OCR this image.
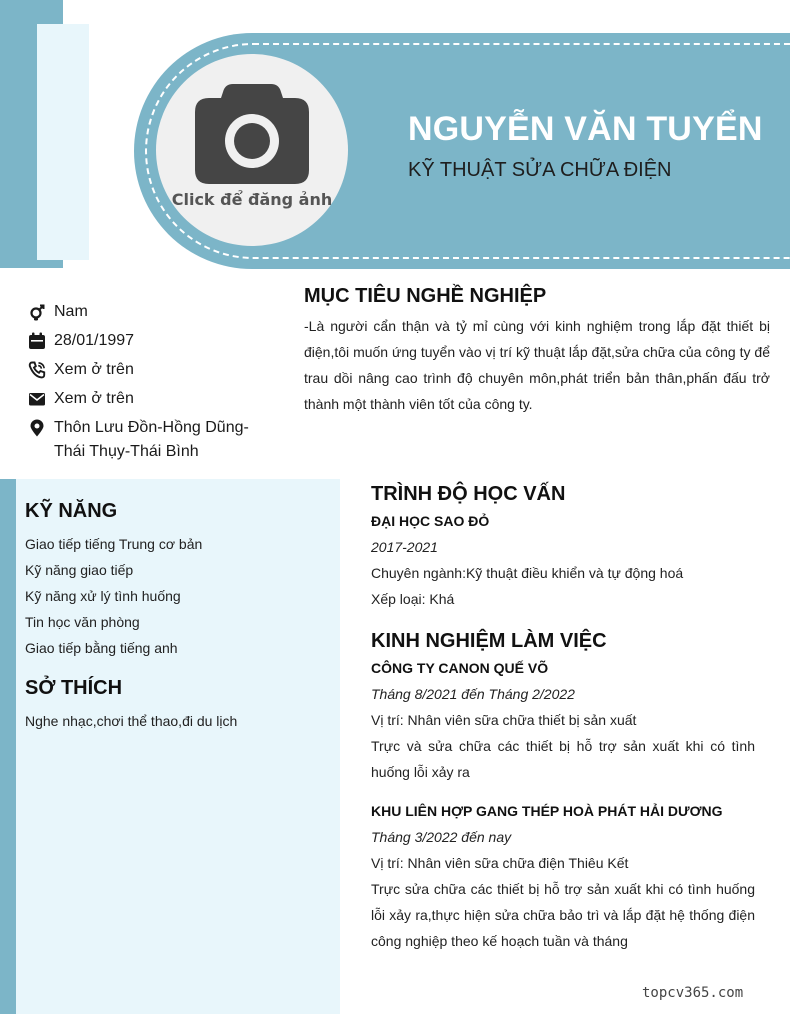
Click để đăng ảnh
NGUYỄN VĂN TUYỂN
KỸ THUẬT SỬA CHỮA ĐIỆN
Nam
28/01/1997
Xem ở trên
Xem ở trên
Thôn Lưu Đồn-Hồng Dũng-Thái Thụy-Thái Bình
MỤC TIÊU NGHỀ NGHIỆP
-Là người cẩn thận và tỷ mỉ cùng với kinh nghiệm trong lắp đặt thiết bị điện,tôi muốn ứng tuyển vào vị trí kỹ thuật lắp đặt,sửa chữa của công ty để trau dồi nâng cao trình độ chuyên môn,phát triển bản thân,phấn đấu trở thành một thành viên tốt của công ty.
KỸ NĂNG
Giao tiếp tiếng Trung cơ bản
Kỹ năng giao tiếp
Kỹ năng xử lý tình huống
Tin học văn phòng
Giao tiếp bằng tiếng anh
SỞ THÍCH
Nghe nhạc,chơi thể thao,đi du lịch
TRÌNH ĐỘ HỌC VẤN
ĐẠI HỌC SAO ĐỎ
2017-2021
Chuyên ngành:Kỹ thuật điều khiển và tự động hoá
Xếp loại: Khá
KINH NGHIỆM LÀM VIỆC
CÔNG TY CANON QUẾ VÕ
Tháng 8/2021 đến Tháng 2/2022
Vị trí: Nhân viên sữa chữa thiết bị sản xuất
Trực và sửa chữa các thiết bị hỗ trợ sản xuất khi có tình huống lỗi xảy ra
KHU LIÊN HỢP GANG THÉP HOÀ PHÁT HẢI DƯƠNG
Tháng 3/2022 đến nay
Vị trí: Nhân viên sữa chữa điện Thiêu Kết
Trực sửa chữa các thiết bị hỗ trợ sản xuất khi có tình huống lỗi xảy ra,thực hiện sửa chữa bảo trì và lắp đặt hệ thống điện công nghiệp theo kế hoạch tuần và tháng
topcv365.com
